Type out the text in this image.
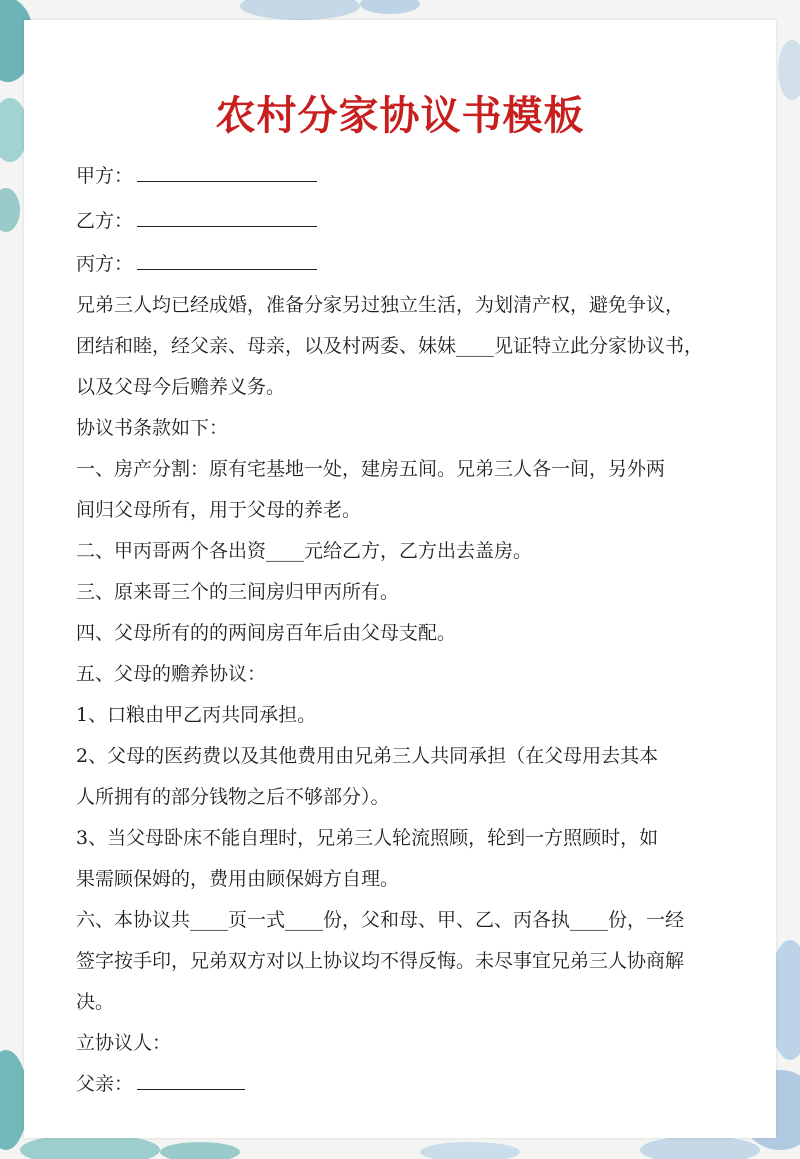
农村分家协议书模板

甲方：

乙方：

丙方：

兄弟三人均已经成婚，准备分家另过独立生活，为划清产权，避免争议，

团结和睦，经父亲、母亲，以及村两委、妹妹____见证特立此分家协议书，

以及父母今后赡养义务。

协议书条款如下：

一、房产分割：原有宅基地一处，建房五间。兄弟三人各一间，另外两

间归父母所有，用于父母的养老。

二、甲丙哥两个各出资____元给乙方，乙方出去盖房。

三、原来哥三个的三间房归甲丙所有。

四、父母所有的的两间房百年后由父母支配。

五、父母的赡养协议：

1、口粮由甲乙丙共同承担。

2、父母的医药费以及其他费用由兄弟三人共同承担（在父母用去其本

人所拥有的部分钱物之后不够部分）。

3、当父母卧床不能自理时，兄弟三人轮流照顾，轮到一方照顾时，如

果需顾保姆的，费用由顾保姆方自理。

六、本协议共____页一式____份，父和母、甲、乙、丙各执____份，一经

签字按手印，兄弟双方对以上协议均不得反悔。未尽事宜兄弟三人协商解

决。

立协议人：

父亲：
